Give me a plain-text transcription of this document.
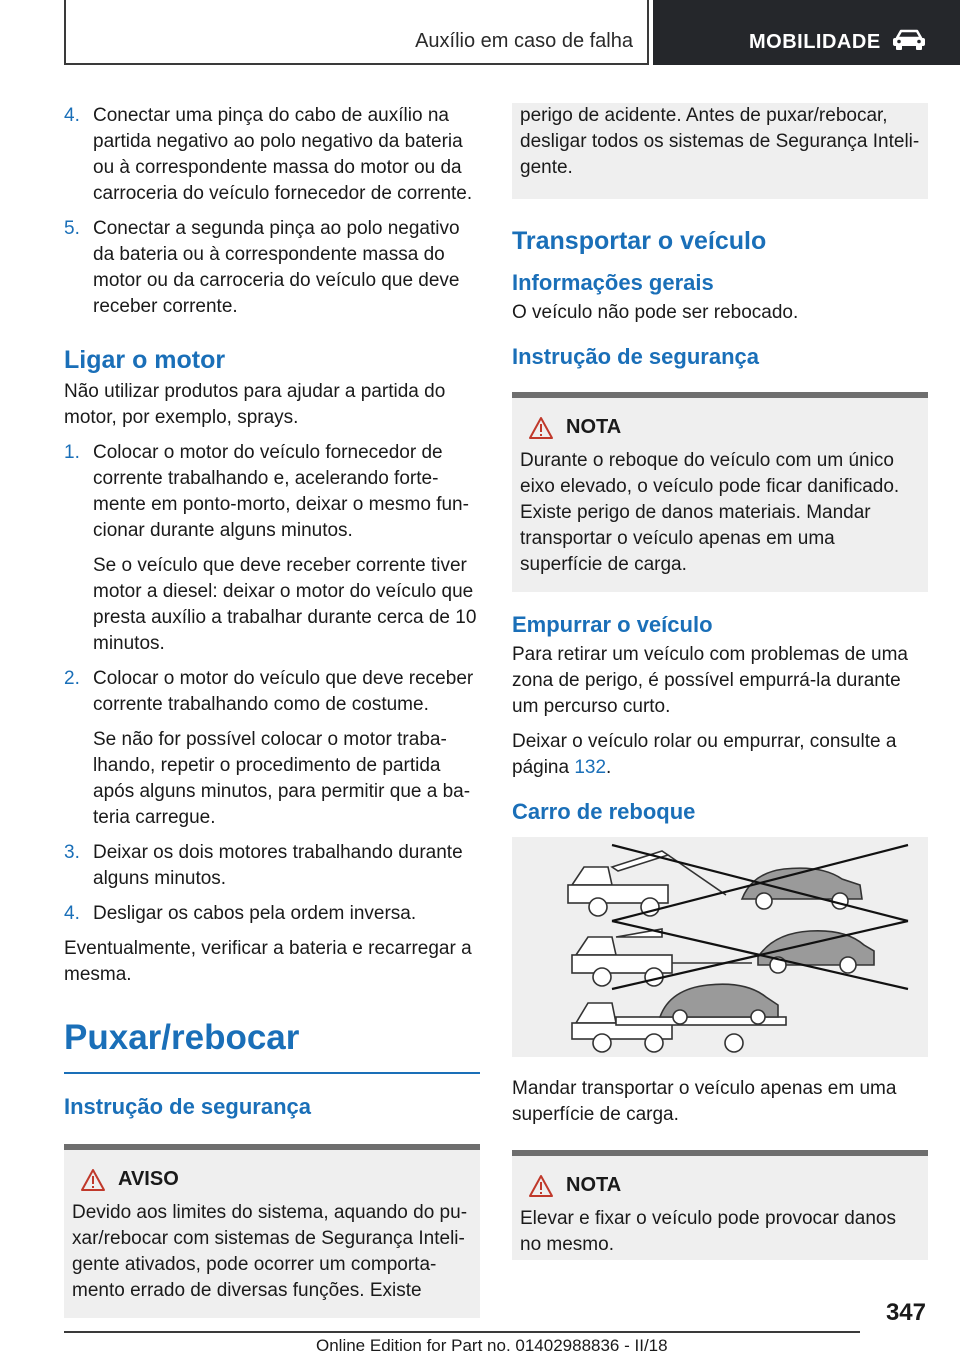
Auxílio em caso de falha	MOBILIDADE
4. Conectar uma pinça do cabo de auxílio na partida negativo ao polo negativo da bateria ou à correspondente massa do motor ou da carroceria do veículo fornecedor de corrente.
5. Conectar a segunda pinça ao polo negativo da bateria ou à correspondente massa do motor ou da carroceria do veículo que deve receber corrente.
Ligar o motor

Não utilizar produtos para ajudar a partida do motor, por exemplo, sprays.

1. Colocar o motor do veículo fornecedor de corrente trabalhando e, acelerando fortemente em ponto-morto, deixar o mesmo funcionar durante alguns minutos.

Se o veículo que deve receber corrente tiver motor a diesel: deixar o motor do veículo que presta auxílio a trabalhar durante cerca de 10 minutos.

2. Colocar o motor do veículo que deve receber corrente trabalhando como de costume.

Se não for possível colocar o motor trabalhando, repetir o procedimento de partida após alguns minutos, para permitir que a bateria carregue.

3. Deixar os dois motores trabalhando durante alguns minutos.
4. Desligar os cabos pela ordem inversa.

Eventualmente, verificar a bateria e recarregar a mesma.

Puxar/rebocar
Instrução de segurança
AVISO

Devido aos limites do sistema, aquando do puxar/rebocar com sistemas de Segurança Inteligente ativados, pode ocorrer um comportamento errado de diversas funções. Existe

perigo de acidente. Antes de puxar/rebocar, desligar todos os sistemas de Segurança Inteligente.

Transportar o veículo
Informações gerais

O veículo não pode ser rebocado.

Instrução de segurança
NOTA

Durante o reboque do veículo com um único eixo elevado, o veículo pode ficar danificado. Existe perigo de danos materiais. Mandar transportar o veículo apenas em uma superfície de carga.

Empurrar o veículo

Para retirar um veículo com problemas de uma zona de perigo, é possível empurrá-la durante um percurso curto.

Deixar o veículo rolar ou empurrar, consulte a página 132.

Carro de reboque

Mandar transportar o veículo apenas em uma superfície de carga.

NOTA

Elevar e fixar o veículo pode provocar danos no mesmo.

347
Online Edition for Part no. 01402988836 - II/18
